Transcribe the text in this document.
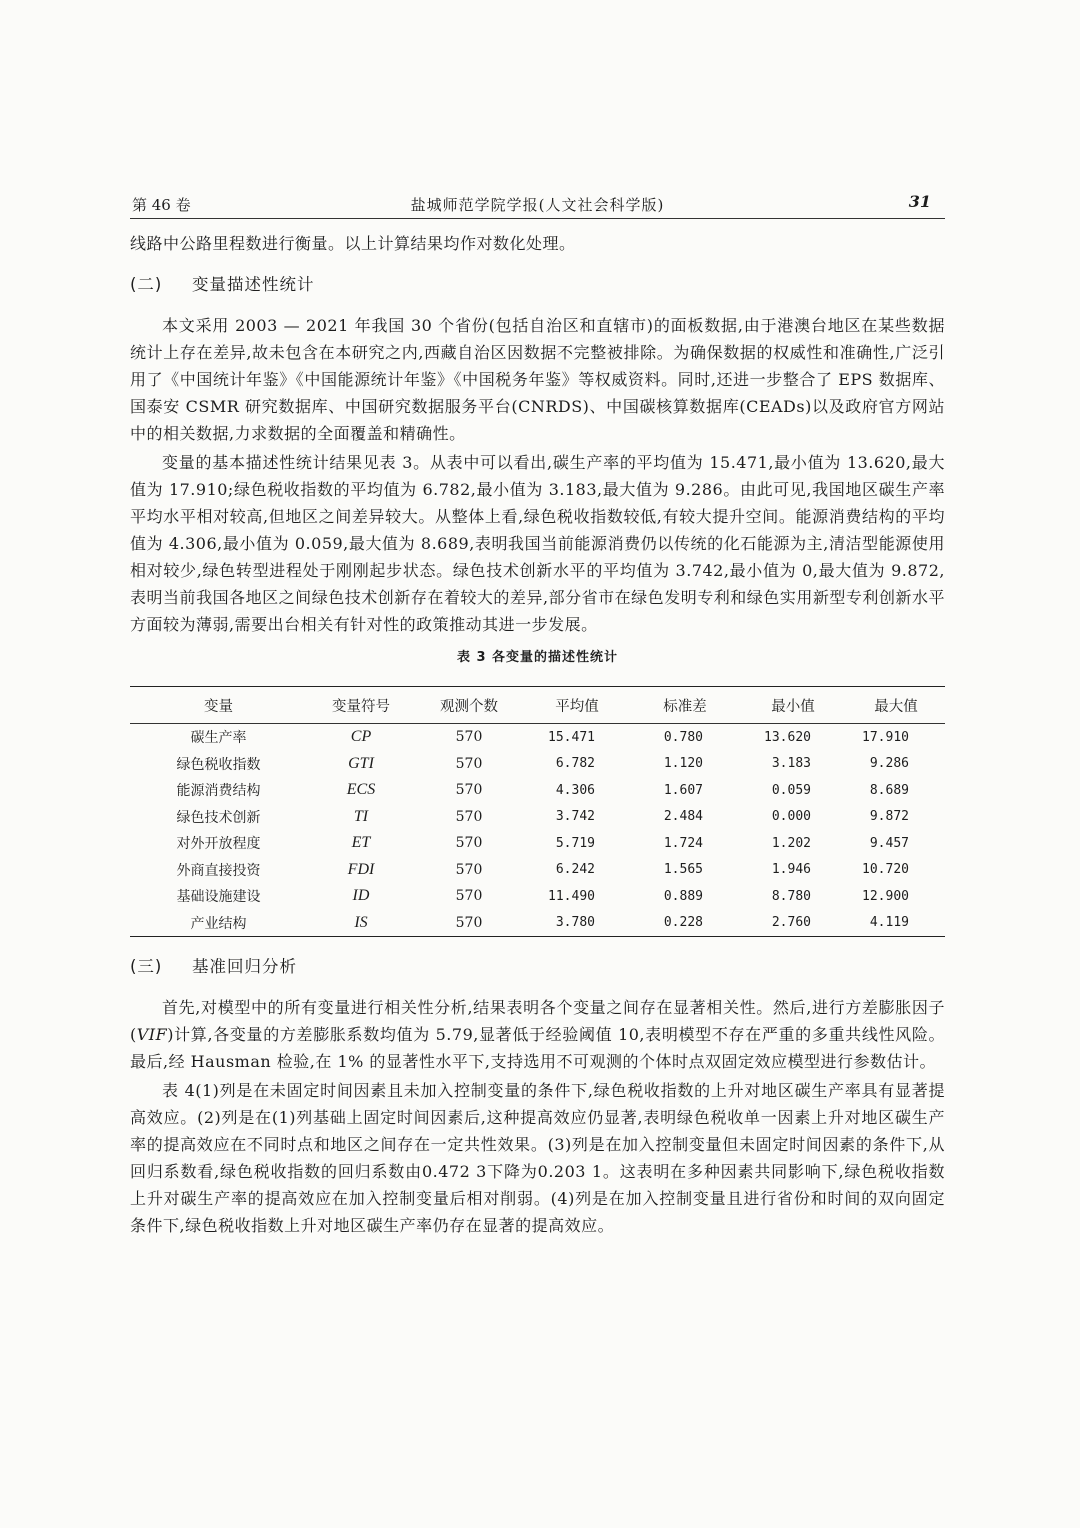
第 46 卷	盐城师范学院学报(人文社会科学版)	31

线路中公路里程数进行衡量。以上计算结果均作对数化处理。

(二) 变量描述性统计

本文采用 2003 — 2021 年我国 30 个省份(包括自治区和直辖市)的面板数据,由于港澳台地区在某些数据统计上存在差异,故未包含在本研究之内,西藏自治区因数据不完整被排除。为确保数据的权威性和准确性,广泛引用了《中国统计年鉴》《中国能源统计年鉴》《中国税务年鉴》等权威资料。同时,还进一步整合了 EPS 数据库、国泰安 CSMR 研究数据库、中国研究数据服务平台(CNRDS)、中国碳核算数据库(CEADs)以及政府官方网站中的相关数据,力求数据的全面覆盖和精确性。

变量的基本描述性统计结果见表 3。从表中可以看出,碳生产率的平均值为 15.471,最小值为 13.620,最大值为 17.910;绿色税收指数的平均值为 6.782,最小值为 3.183,最大值为 9.286。由此可见,我国地区碳生产率平均水平相对较高,但地区之间差异较大。从整体上看,绿色税收指数较低,有较大提升空间。能源消费结构的平均值为 4.306,最小值为 0.059,最大值为 8.689,表明我国当前能源消费仍以传统的化石能源为主,清洁型能源使用相对较少,绿色转型进程处于刚刚起步状态。绿色技术创新水平的平均值为 3.742,最小值为 0,最大值为 9.872,表明当前我国各地区之间绿色技术创新存在着较大的差异,部分省市在绿色发明专利和绿色实用新型专利创新水平方面较为薄弱,需要出台相关有针对性的政策推动其进一步发展。

表 3 各变量的描述性统计
变量	变量符号	观测个数	平均值	标准差	最小值	最大值
碳生产率	CP	570	15.471	0.780	13.620	17.910
绿色税收指数	GTI	570	6.782	1.120	3.183	9.286
能源消费结构	ECS	570	4.306	1.607	0.059	8.689
绿色技术创新	TI	570	3.742	2.484	0.000	9.872
对外开放程度	ET	570	5.719	1.724	1.202	9.457
外商直接投资	FDI	570	6.242	1.565	1.946	10.720
基础设施建设	ID	570	11.490	0.889	8.780	12.900
产业结构	IS	570	3.780	0.228	2.760	4.119
(三) 基准回归分析

首先,对模型中的所有变量进行相关性分析,结果表明各个变量之间存在显著相关性。然后,进行方差膨胀因子(VIF)计算,各变量的方差膨胀系数均值为 5.79,显著低于经验阈值 10,表明模型不存在严重的多重共线性风险。最后,经 Hausman 检验,在 1% 的显著性水平下,支持选用不可观测的个体时点双固定效应模型进行参数估计。

表 4(1)列是在未固定时间因素且未加入控制变量的条件下,绿色税收指数的上升对地区碳生产率具有显著提高效应。(2)列是在(1)列基础上固定时间因素后,这种提高效应仍显著,表明绿色税收单一因素上升对地区碳生产率的提高效应在不同时点和地区之间存在一定共性效果。(3)列是在加入控制变量但未固定时间因素的条件下,从回归系数看,绿色税收指数的回归系数由0.472 3下降为0.203 1。这表明在多种因素共同影响下,绿色税收指数上升对碳生产率的提高效应在加入控制变量后相对削弱。(4)列是在加入控制变量且进行省份和时间的双向固定条件下,绿色税收指数上升对地区碳生产率仍存在显著的提高效应。
